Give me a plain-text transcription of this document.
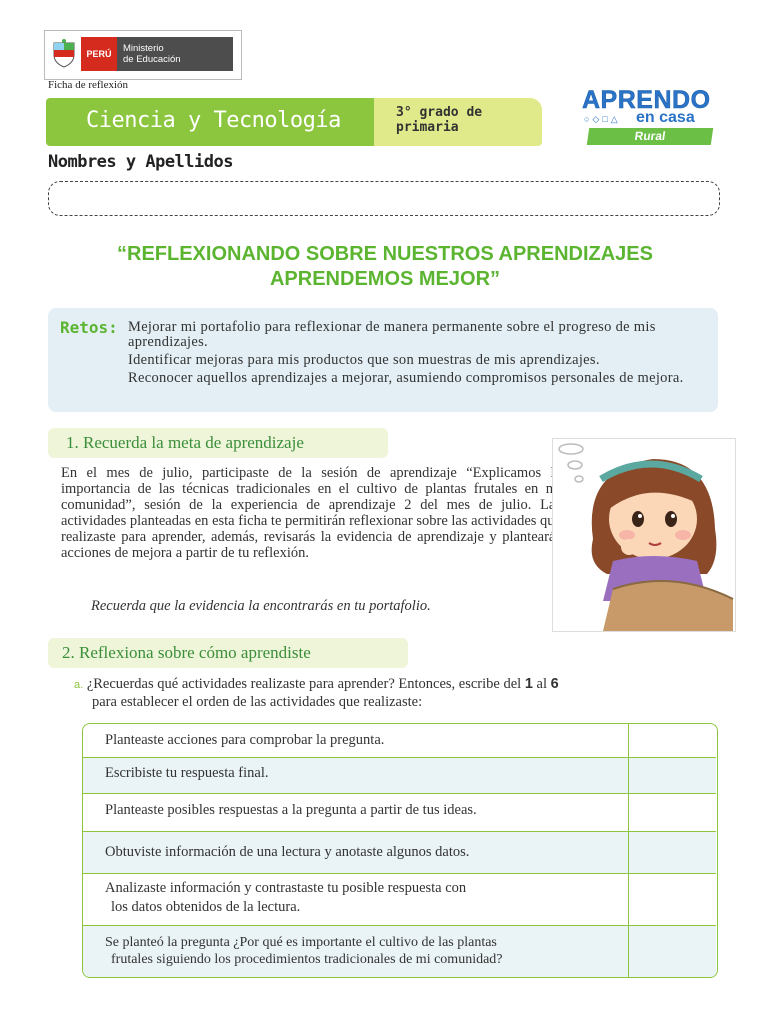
PERÚ	Ministerio
de Educación
Ficha de reflexión
Ciencia y Tecnología	3° grado de primaria
APRENDO
○◇□△ en casa
Rural
Nombres y Apellidos
“REFLEXIONANDO SOBRE NUESTROS APRENDIZAJES
APRENDEMOS MEJOR”
Retos: Mejorar mi portafolio para reflexionar de manera permanente sobre el progreso de mis aprendizajes.

Identificar mejoras para mis productos que son muestras de mis aprendizajes.

Reconocer aquellos aprendizajes a mejorar, asumiendo compromisos personales de mejora.

1. Recuerda la meta de aprendizaje

En el mes de julio, participaste de la sesión de aprendizaje “Explicamos la importancia de las técnicas tradicionales en el cultivo de plantas frutales en mi comunidad”, sesión de la experiencia de aprendizaje 2 del mes de julio. Las actividades planteadas en esta ficha te permitirán reflexionar sobre las actividades que realizaste para aprender, además, revisarás la evidencia de aprendizaje y plantearás acciones de mejora a partir de tu reflexión.

Recuerda que la evidencia la encontrarás en tu portafolio.
2. Reflexiona sobre cómo aprendiste
a. ¿Recuerdas qué actividades realizaste para aprender? Entonces, escribe del 1 al 6
para establecer el orden de las actividades que realizaste:
Planteaste acciones para comprobar la pregunta.
Escribiste tu respuesta final.
Planteaste posibles respuestas a la pregunta a partir de tus ideas.
Obtuviste información de una lectura y anotaste algunos datos.
Analizaste información y contrastaste tu posible respuesta con
los datos obtenidos de la lectura.
Se planteó la pregunta ¿Por qué es importante el cultivo de las plantas
frutales siguiendo los procedimientos tradicionales de mi comunidad?
